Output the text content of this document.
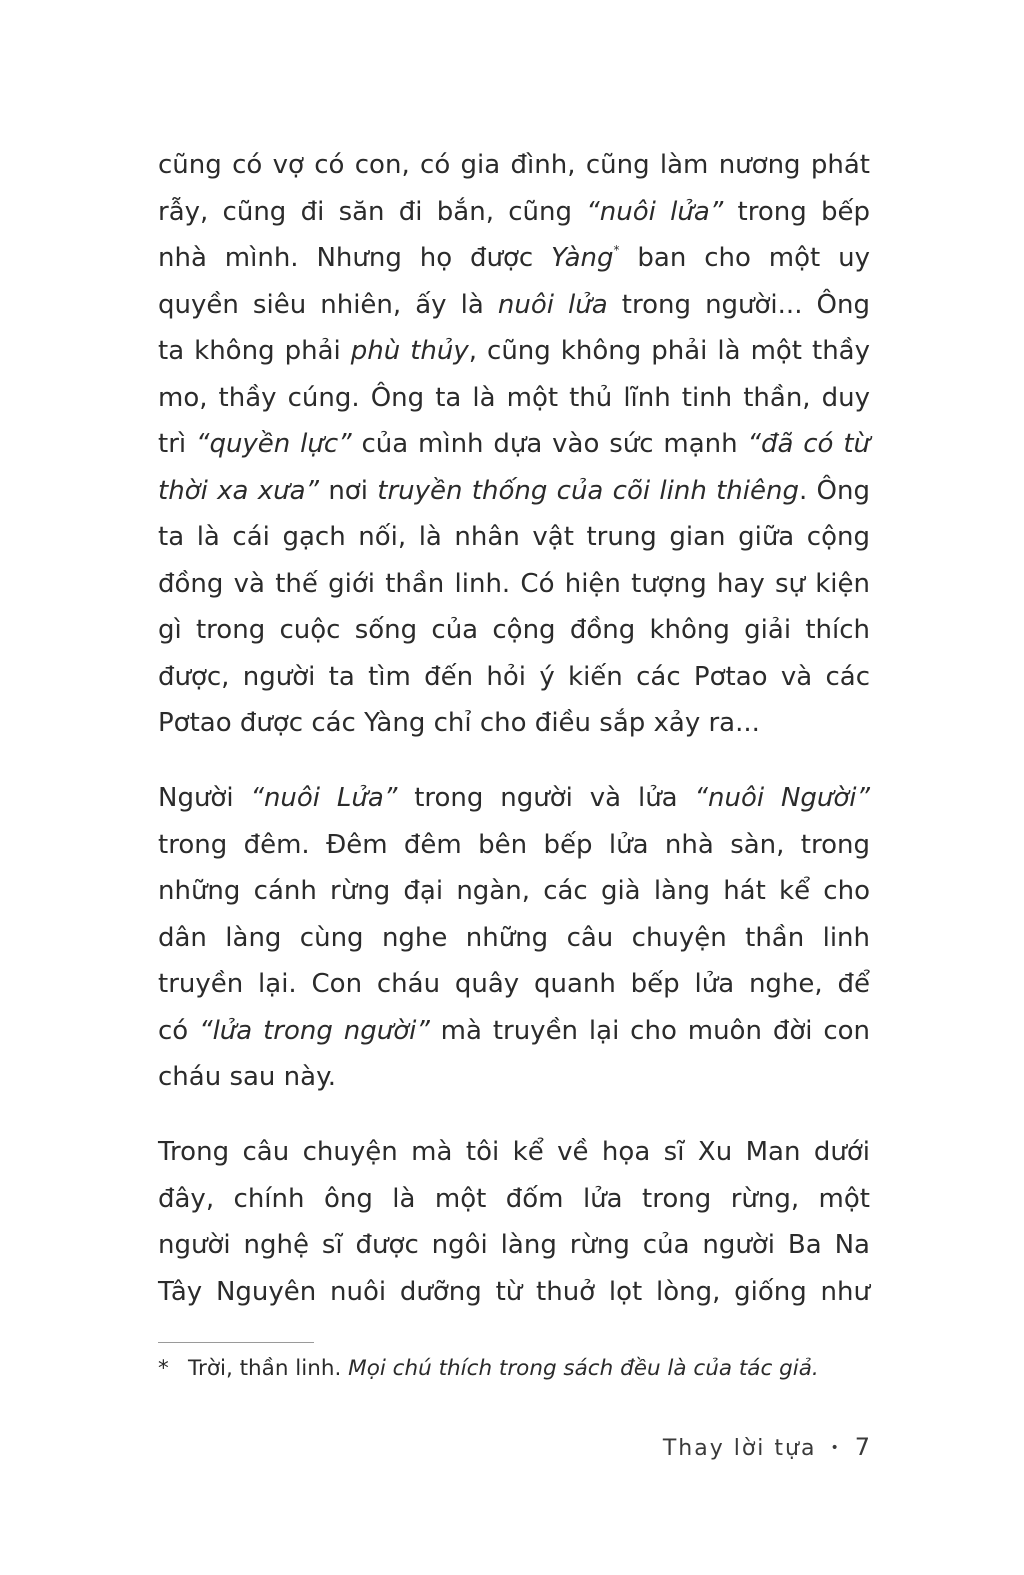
cũng có vợ có con, có gia đình, cũng làm nương phát
rẫy, cũng đi săn đi bắn, cũng “nuôi lửa” trong bếp
nhà mình. Nhưng họ được Yàng* ban cho một uy
quyền siêu nhiên, ấy là nuôi lửa trong người... Ông
ta không phải phù thủy, cũng không phải là một thầy
mo, thầy cúng. Ông ta là một thủ lĩnh tinh thần, duy
trì “quyền lực” của mình dựa vào sức mạnh “đã có từ
thời xa xưa” nơi truyền thống của cõi linh thiêng. Ông
ta là cái gạch nối, là nhân vật trung gian giữa cộng
đồng và thế giới thần linh. Có hiện tượng hay sự kiện
gì trong cuộc sống của cộng đồng không giải thích
được, người ta tìm đến hỏi ý kiến các Pơtao và các
Pơtao được các Yàng chỉ cho điều sắp xảy ra...
Người “nuôi Lửa” trong người và lửa “nuôi Người”
trong đêm. Đêm đêm bên bếp lửa nhà sàn, trong
những cánh rừng đại ngàn, các già làng hát kể cho
dân làng cùng nghe những câu chuyện thần linh
truyền lại. Con cháu quây quanh bếp lửa nghe, để
có “lửa trong người” mà truyền lại cho muôn đời con
cháu sau này.
Trong câu chuyện mà tôi kể về họa sĩ Xu Man dưới
đây, chính ông là một đốm lửa trong rừng, một
người nghệ sĩ được ngôi làng rừng của người Ba Na
Tây Nguyên nuôi dưỡng từ thuở lọt lòng, giống như
* Trời, thần linh. Mọi chú thích trong sách đều là của tác giả.
Thay lời tựa • 7
